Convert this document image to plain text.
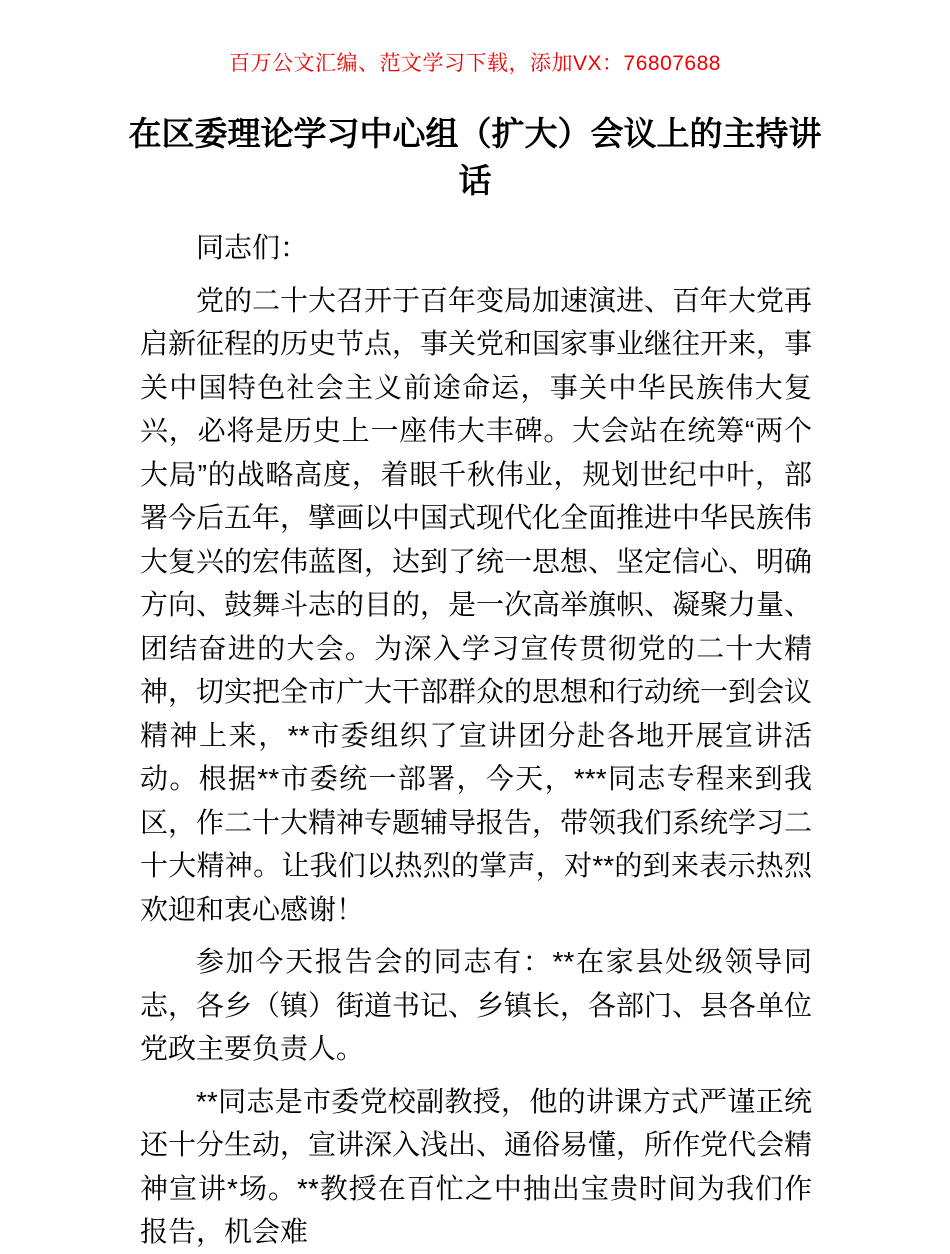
百万公文汇编、范文学习下载，添加VX：76807688
在区委理论学习中心组（扩大）会议上的主持讲话

同志们：

党的二十大召开于百年变局加速演进、百年大党再启新征程的历史节点，事关党和国家事业继往开来，事关中国特色社会主义前途命运，事关中华民族伟大复兴，必将是历史上一座伟大丰碑。大会站在统筹“两个大局”的战略高度，着眼千秋伟业，规划世纪中叶，部署今后五年，擘画以中国式现代化全面推进中华民族伟大复兴的宏伟蓝图，达到了统一思想、坚定信心、明确方向、鼓舞斗志的目的，是一次高举旗帜、凝聚力量、团结奋进的大会。为深入学习宣传贯彻党的二十大精神，切实把全市广大干部群众的思想和行动统一到会议精神上来，**市委组织了宣讲团分赴各地开展宣讲活动。根据**市委统一部署，今天，***同志专程来到我区，作二十大精神专题辅导报告，带领我们系统学习二十大精神。让我们以热烈的掌声，对**的到来表示热烈欢迎和衷心感谢！

参加今天报告会的同志有：**在家县处级领导同志，各乡（镇）街道书记、乡镇长，各部门、县各单位党政主要负责人。

**同志是市委党校副教授，他的讲课方式严谨正统还十分生动，宣讲深入浅出、通俗易懂，所作党代会精神宣讲*场。**教授在百忙之中抽出宝贵时间为我们作报告，机会难
